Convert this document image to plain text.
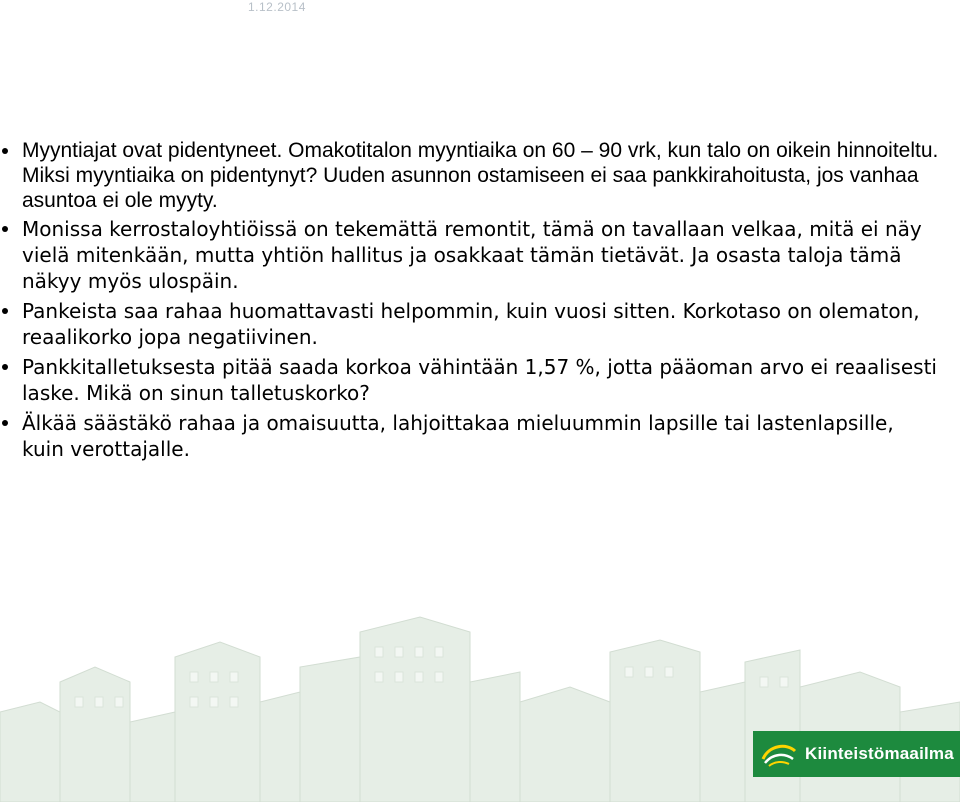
1.12.2014
Myyntiajat ovat pidentyneet. Omakotitalon myyntiaika on 60 – 90 vrk, kun talo on oikein hinnoiteltu. Miksi myyntiaika on pidentynyt? Uuden asunnon ostamiseen ei saa pankkirahoitusta, jos vanhaa asuntoa ei ole myyty.
Monissa kerrostaloyhtiöissä on tekemättä remontit, tämä on tavallaan velkaa, mitä ei näy vielä mitenkään, mutta yhtiön hallitus ja osakkaat tämän tietävät. Ja osasta taloja tämä näkyy myös ulospäin.
Pankeista saa rahaa huomattavasti helpommin, kuin vuosi sitten. Korkotaso on olematon, reaalikorko jopa negatiivinen.
Pankkitalletuksesta pitää saada korkoa vähintään 1,57 %, jotta pääoman arvo ei reaalisesti laske. Mikä on sinun talletuskorko?
Älkää säästäkö rahaa ja omaisuutta, lahjoittakaa mieluummin lapsille tai lastenlapsille, kuin verottajalle.
Kiinteistömaailma
